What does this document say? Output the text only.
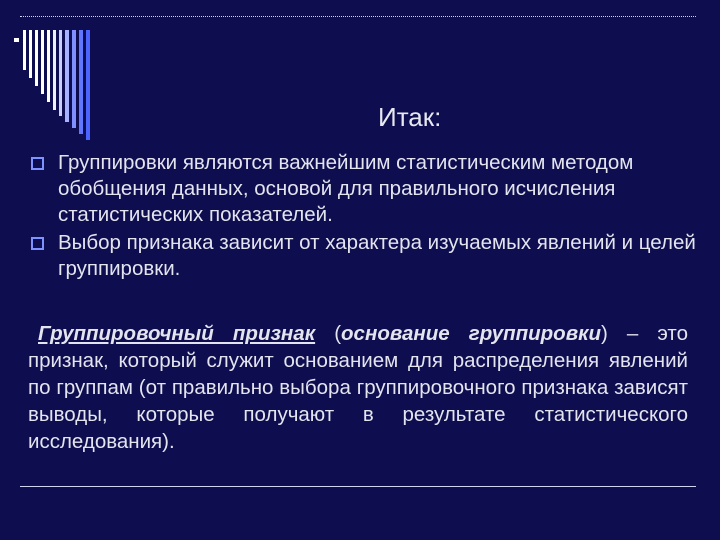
Итак:
Группировки являются важнейшим статистическим методом обобщения данных, основой для правильного исчисления статистических показателей.
Выбор признака зависит от характера изучаемых явлений и целей группировки.
Группировочный признак (основание группировки) – это признак, который служит основанием для распределения явлений по группам (от правильно выбора группировочного признака зависят выводы, которые получают в результате статистического исследования).
